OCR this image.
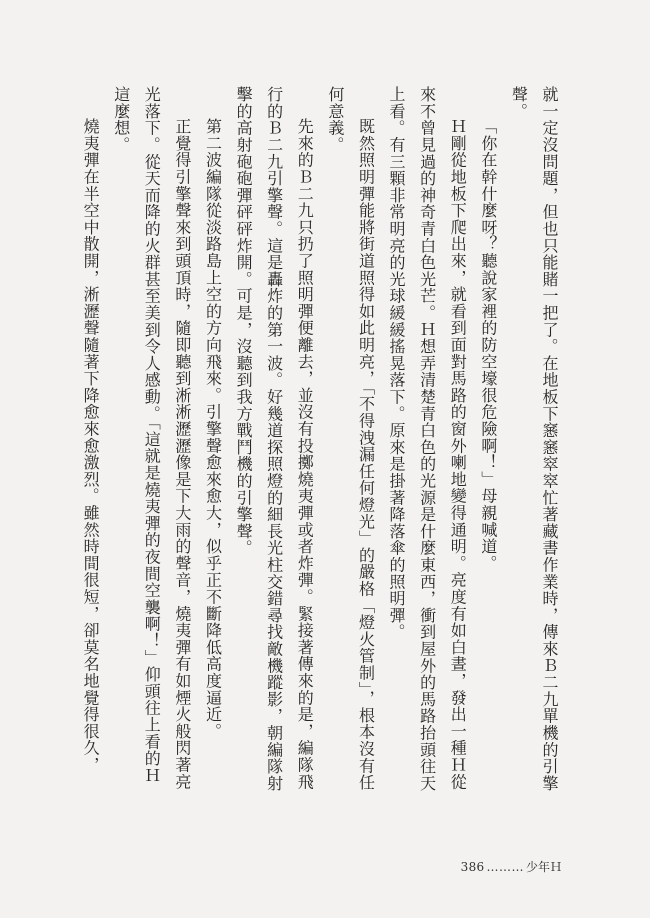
就一定沒問題，但也只能賭一把了。在地板下窸窸窣窣忙著藏書作業時，傳來Ｂ二九單機的引擎聲。

「你在幹什麼呀？聽說家裡的防空壕很危險啊！」母親喊道。

Ｈ剛從地板下爬出來，就看到面對馬路的窗外喇地變得通明。亮度有如白晝，發出一種Ｈ從來不曾見過的神奇青白色光芒。Ｈ想弄清楚青白色的光源是什麼東西，衝到屋外的馬路抬頭往天上看。有三顆非常明亮的光球緩緩搖晃落下。原來是掛著降落傘的照明彈。

既然照明彈能將街道照得如此明亮，「不得洩漏任何燈光」的嚴格「燈火管制」，根本沒有任何意義。

先來的Ｂ二九只扔了照明彈便離去，並沒有投擲燒夷彈或者炸彈。緊接著傳來的是，編隊飛行的Ｂ二九引擎聲。這是轟炸的第一波。好幾道探照燈的細長光柱交錯尋找敵機蹤影，朝編隊射擊的高射砲砲彈砰砰炸開。可是，沒聽到我方戰鬥機的引擎聲。

第二波編隊從淡路島上空的方向飛來。引擎聲愈來愈大，似乎正不斷降低高度逼近。

正覺得引擎聲來到頭頂時，隨即聽到淅淅瀝瀝像是下大雨的聲音，燒夷彈有如煙火般閃著亮光落下。從天而降的火群甚至美到令人感動。「這就是燒夷彈的夜間空襲啊！」仰頭往上看的Ｈ這麼想。

燒夷彈在半空中散開，淅瀝聲隨著下降愈來愈激烈。雖然時間很短，卻莫名地覺得很久，

386 ……… 少年Ｈ
